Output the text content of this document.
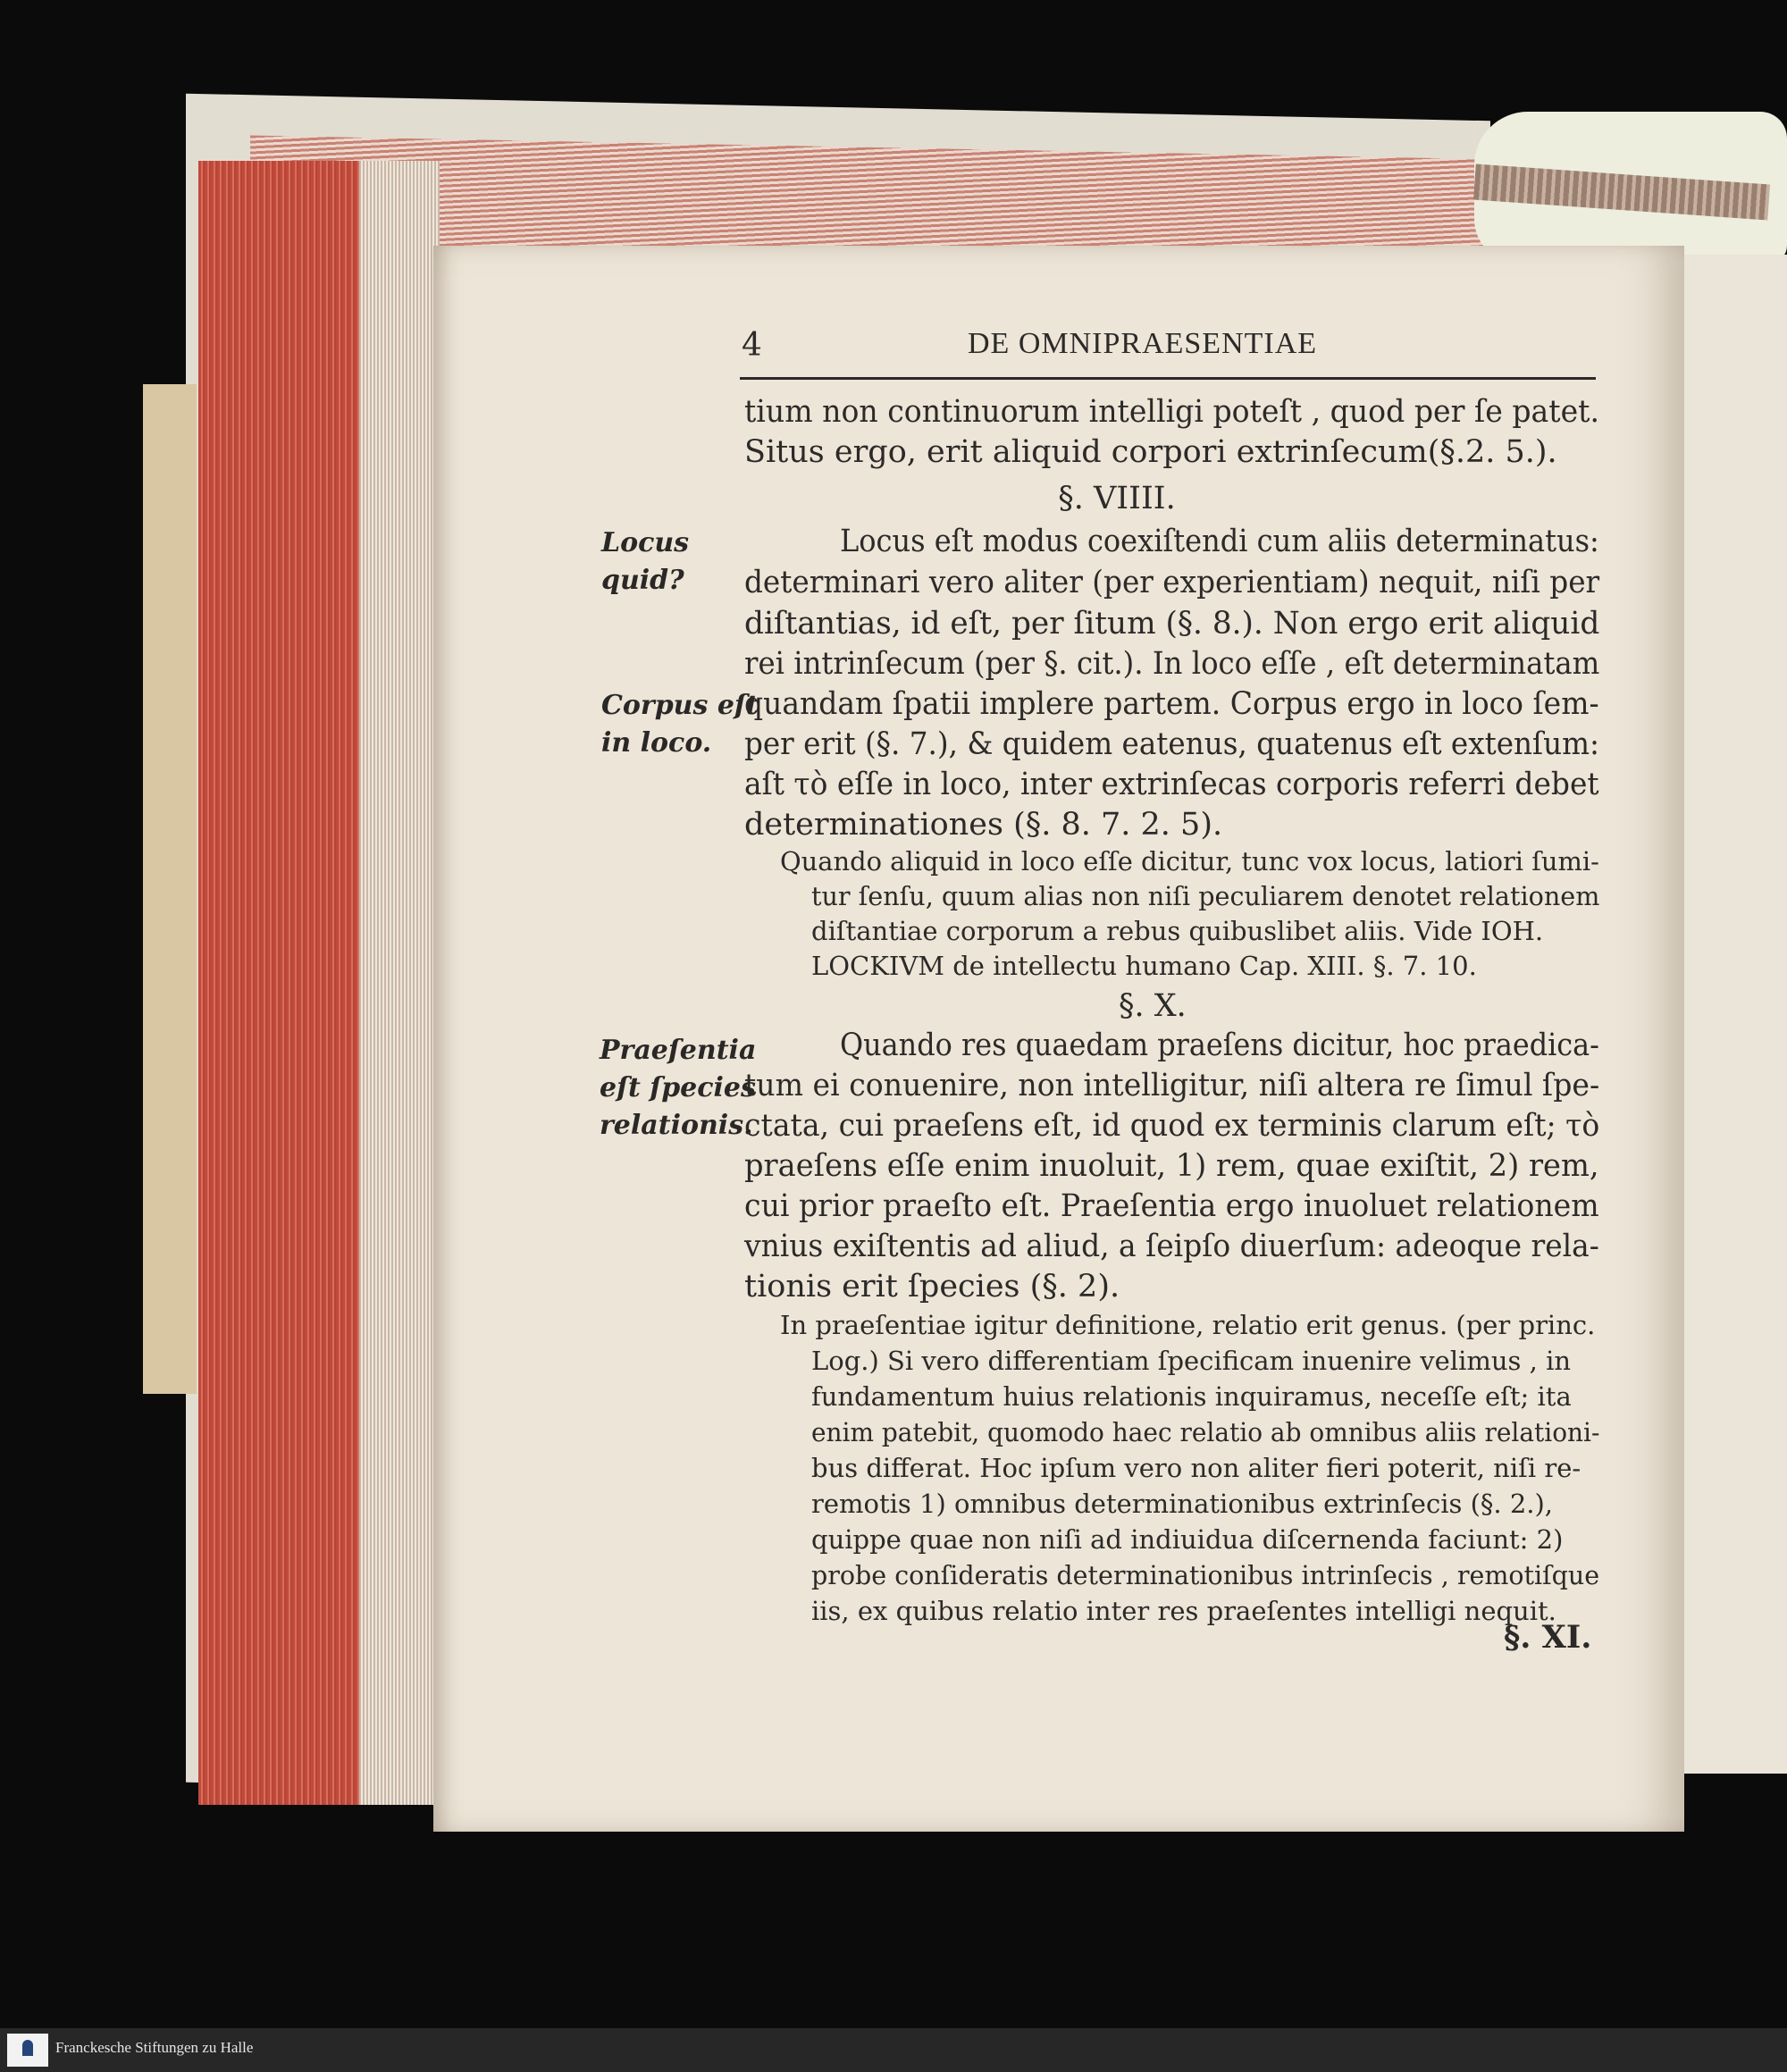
4	DE OMNIPRAESENTIAE
tium non continuorum intelligi poteſt , quod per ſe patet.
Situs ergo, erit aliquid corpori extrinſecum(§.2. 5.).
§. VIIII.
Locus eſt modus coexiſtendi cum aliis determinatus:
determinari vero aliter (per experientiam) nequit, niſi per
diſtantias, id eſt, per ſitum (§. 8.). Non ergo erit aliquid
rei intrinſecum (per §. cit.). In loco eſſe , eſt determinatam
quandam ſpatii implere partem. Corpus ergo in loco ſem-
per erit (§. 7.), & quidem eatenus, quatenus eſt extenſum:
aſt τὸ eſſe in loco, inter extrinſecas corporis referri debet
determinationes (§. 8. 7. 2. 5).
Quando aliquid in loco eſſe dicitur, tunc vox locus, latiori ſumi-
tur ſenſu, quum alias non niſi peculiarem denotet relationem
diſtantiae corporum a rebus quibuslibet aliis. Vide IOH.
LOCKIVM de intellectu humano Cap. XIII. §. 7. 10.
§. X.
Quando res quaedam praeſens dicitur, hoc praedica-
tum ei conuenire, non intelligitur, niſi altera re ſimul ſpe-
ctata, cui praeſens eſt, id quod ex terminis clarum eſt; τὸ
praeſens eſſe enim inuoluit, 1) rem, quae exiſtit, 2) rem,
cui prior praeſto eſt. Praeſentia ergo inuoluet relationem
vnius exiſtentis ad aliud, a ſeipſo diuerſum: adeoque rela-
tionis erit ſpecies (§. 2).
In praeſentiae igitur definitione, relatio erit genus. (per princ.
Log.) Si vero differentiam ſpecificam inuenire velimus , in
fundamentum huius relationis inquiramus, neceſſe eſt; ita
enim patebit, quomodo haec relatio ab omnibus aliis relationi-
bus differat. Hoc ipſum vero non aliter fieri poterit, niſi re-
remotis 1) omnibus determinationibus extrinſecis (§. 2.),
quippe quae non niſi ad indiuidua diſcernenda faciunt: 2)
probe conſideratis determinationibus intrinſecis , remotiſque
iis, ex quibus relatio inter res praeſentes intelligi nequit.
§. XI.
Locus
quid?
Corpus eſt
in loco.
Praeſentia
eſt ſpecies
relationis.
Franckesche Stiftungen zu Halle
